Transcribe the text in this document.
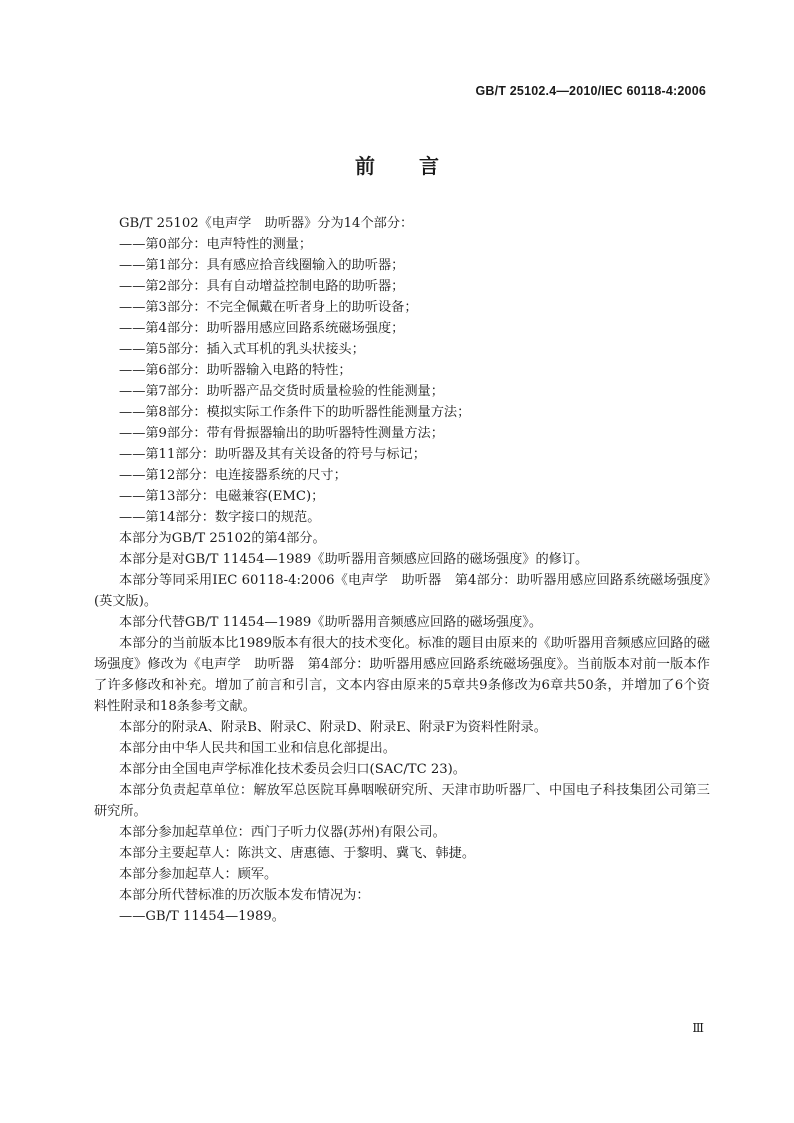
GB/T 25102.4—2010/IEC 60118-4:2006
前言

GB/T 25102《电声学　助听器》分为14个部分：

——第0部分：电声特性的测量；

——第1部分：具有感应拾音线圈输入的助听器；

——第2部分：具有自动增益控制电路的助听器；

——第3部分：不完全佩戴在听者身上的助听设备；

——第4部分：助听器用感应回路系统磁场强度；

——第5部分：插入式耳机的乳头状接头；

——第6部分：助听器输入电路的特性；

——第7部分：助听器产品交货时质量检验的性能测量；

——第8部分：模拟实际工作条件下的助听器性能测量方法；

——第9部分：带有骨振器输出的助听器特性测量方法；

——第11部分：助听器及其有关设备的符号与标记；

——第12部分：电连接器系统的尺寸；

——第13部分：电磁兼容(EMC)；

——第14部分：数字接口的规范。

本部分为GB/T 25102的第4部分。

本部分是对GB/T 11454—1989《助听器用音频感应回路的磁场强度》的修订。

本部分等同采用IEC 60118-4:2006《电声学　助听器　第4部分：助听器用感应回路系统磁场强度》(英文版)。

本部分代替GB/T 11454—1989《助听器用音频感应回路的磁场强度》。

本部分的当前版本比1989版本有很大的技术变化。标准的题目由原来的《助听器用音频感应回路的磁场强度》修改为《电声学　助听器　第4部分：助听器用感应回路系统磁场强度》。当前版本对前一版本作了许多修改和补充。增加了前言和引言，文本内容由原来的5章共9条修改为6章共50条，并增加了6个资料性附录和18条参考文献。

本部分的附录A、附录B、附录C、附录D、附录E、附录F为资料性附录。

本部分由中华人民共和国工业和信息化部提出。

本部分由全国电声学标准化技术委员会归口(SAC/TC 23)。

本部分负责起草单位：解放军总医院耳鼻咽喉研究所、天津市助听器厂、中国电子科技集团公司第三研究所。

本部分参加起草单位：西门子听力仪器(苏州)有限公司。

本部分主要起草人：陈洪文、唐惠德、于黎明、冀飞、韩捷。

本部分参加起草人：顾军。

本部分所代替标准的历次版本发布情况为：

——GB/T 11454—1989。

Ⅲ
